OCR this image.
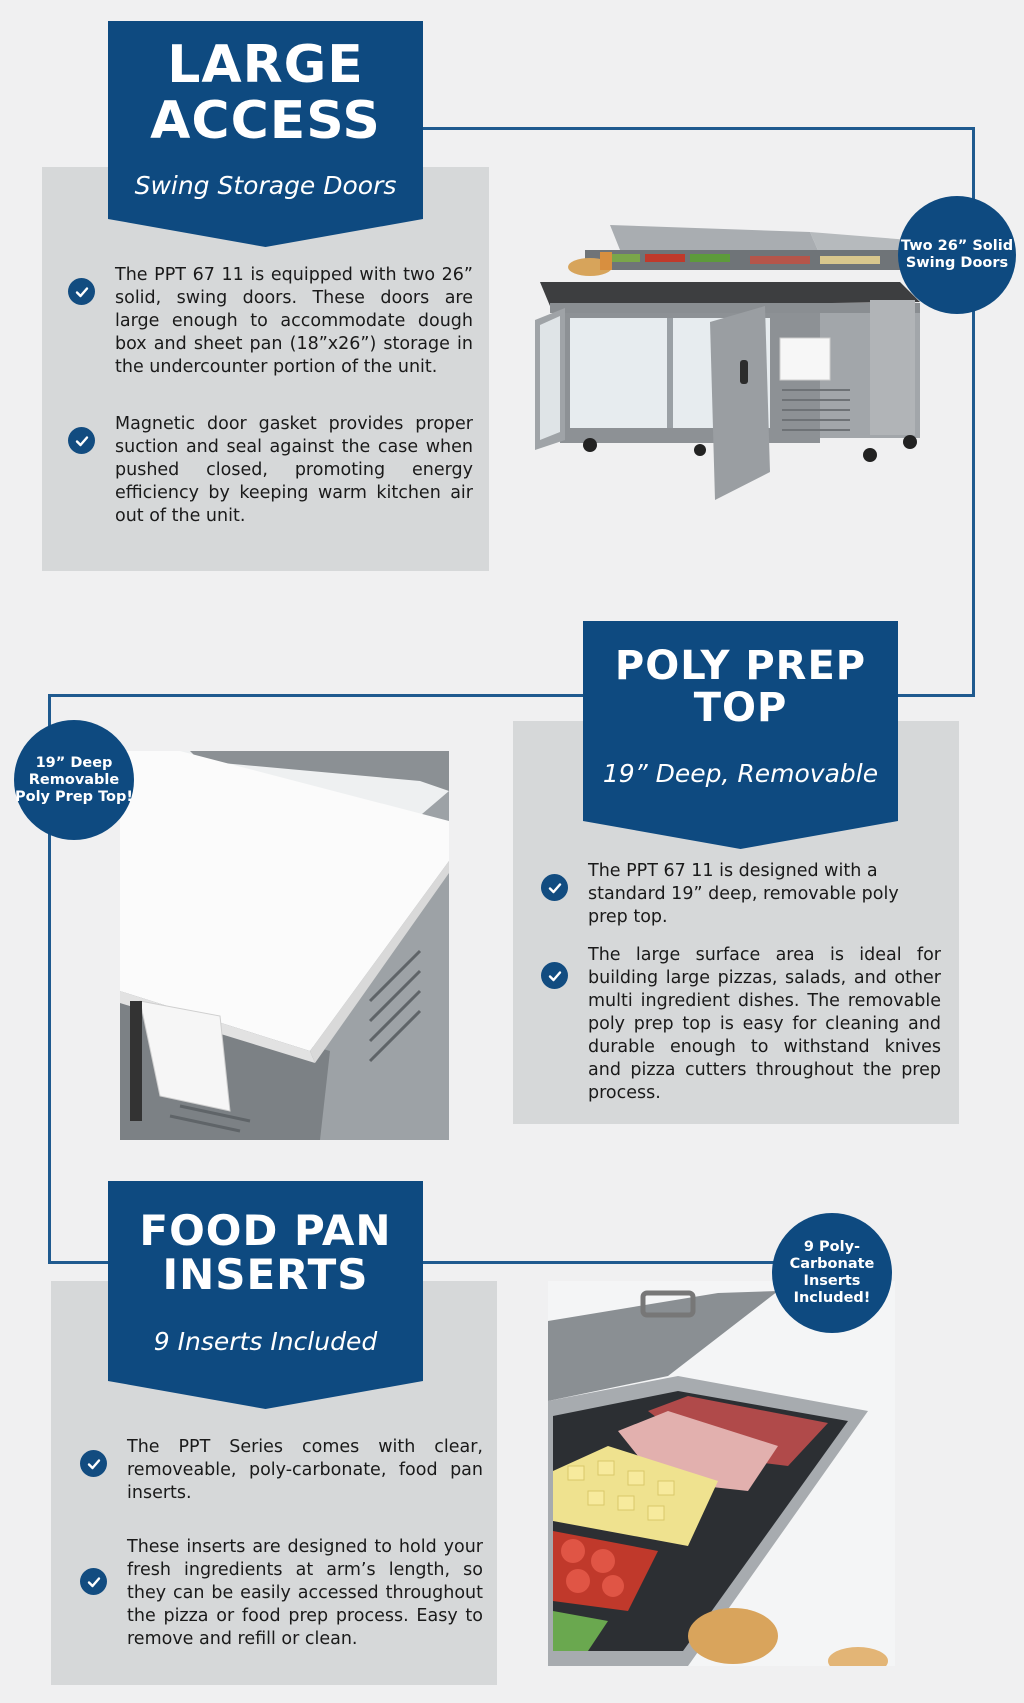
LARGE
ACCESS
Swing Storage Doors
The PPT 67 11 is equipped with two 26” solid, swing doors. These doors are large enough to accommodate dough box and sheet pan (18”x26”) storage in the undercounter portion of the unit.
Magnetic door gasket provides proper suction and seal against the case when pushed closed, promoting energy efficiency by keeping warm kitchen air out of the unit.
Two 26” Solid Swing Doors
POLY PREP
TOP
19” Deep, Removable
The PPT 67 11 is designed with a standard 19” deep, removable poly prep top.
The large surface area is ideal for building large pizzas, salads, and other multi ingredient dishes. The removable poly prep top is easy for cleaning and durable enough to withstand knives and pizza cutters throughout the prep process.
19” Deep Removable Poly Prep Top!
FOOD PAN
INSERTS
9 Inserts Included
The PPT Series comes with clear, removeable, poly-carbonate, food pan inserts.
These inserts are designed to hold your fresh ingredients at arm’s length, so they can be easily accessed throughout the pizza or food prep process. Easy to remove and refill or clean.
9 Poly-Carbonate Inserts Included!
